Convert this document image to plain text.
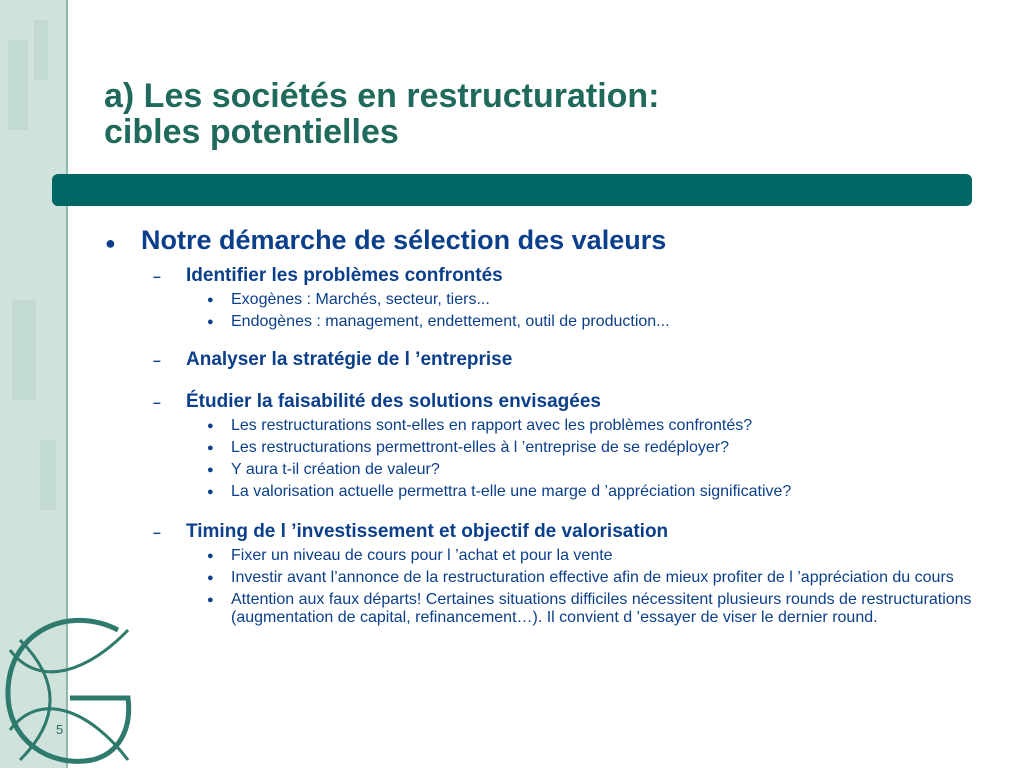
5
a) Les sociétés en restructuration:
cibles potentielles
● Notre démarche de sélection des valeurs
–	Identifier les problèmes confrontés
●	Exogènes : Marchés, secteur, tiers...
●	Endogènes : management, endettement, outil de production...
–	Analyser la stratégie de l ’entreprise
–	Étudier la faisabilité des solutions envisagées
●	Les restructurations sont-elles en rapport avec les problèmes confrontés?
●	Les restructurations permettront-elles à l ’entreprise de se redéployer?
●	Y aura t-il création de valeur?
●	La valorisation actuelle permettra t-elle une marge d ’appréciation significative?
–	Timing de l ’investissement et objectif de valorisation
●	Fixer un niveau de cours pour l ’achat et pour la vente
●	Investir avant l’annonce de la restructuration effective afin de mieux profiter de l ’appréciation du cours
●	Attention aux faux départs! Certaines situations difficiles nécessitent plusieurs rounds de restructurations (augmentation de capital, refinancement…). Il convient d ’essayer de viser le dernier round.
